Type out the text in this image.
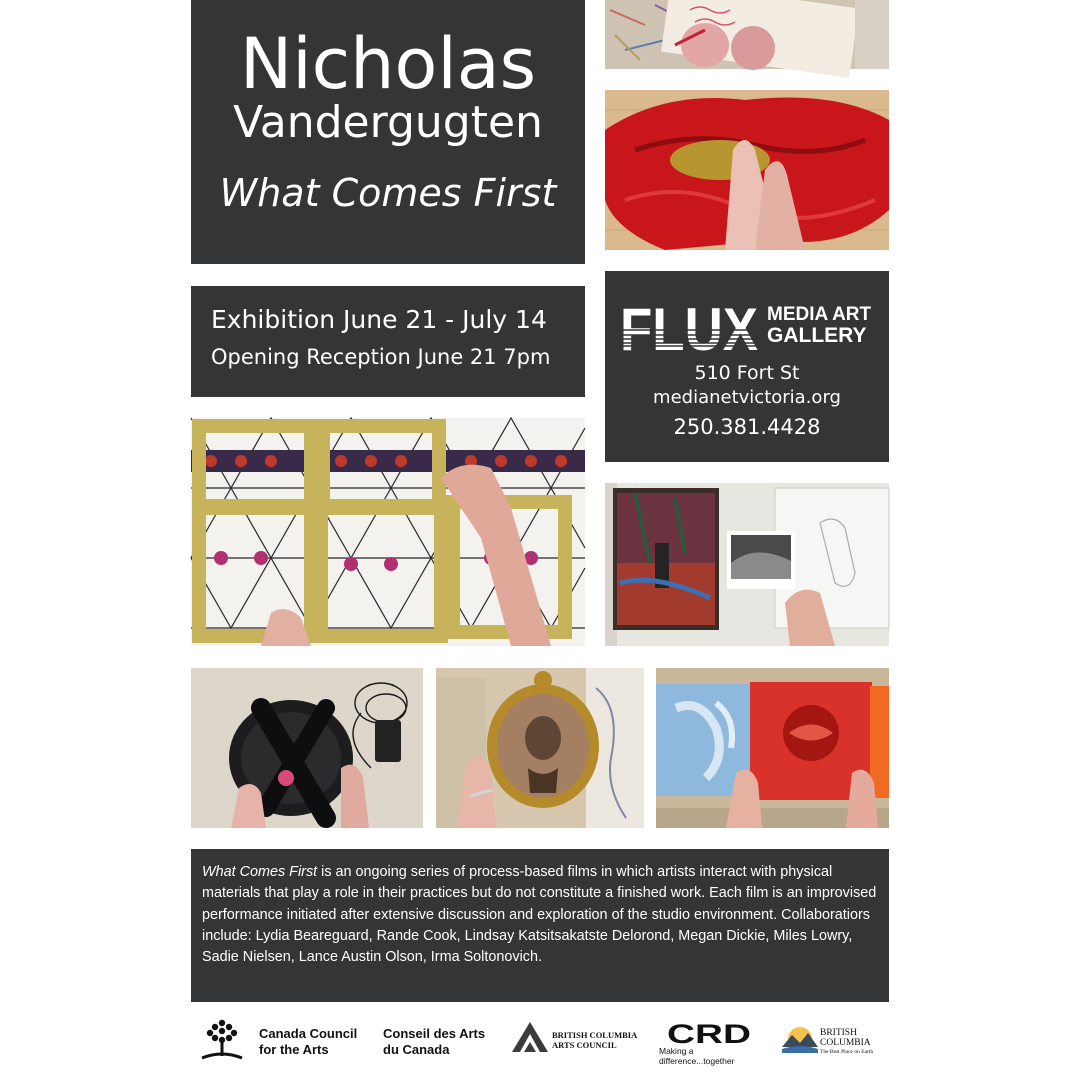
Nicholas
Vandergugten
What Comes First
Exhibition June 21 - July 14
Opening Reception June 21 7pm FLUX MEDIA ART
GALLERY
510 Fort St
medianetvictoria.org
250.381.4428
What Comes First is an ongoing series of process-based films in which artists interact with physical materials that play a role in their practices but do not constitute a finished work. Each film is an improvised performance initiated after extensive discussion and exploration of the studio environment. Collaboratiors include: Lydia Beareguard, Rande Cook, Lindsay Katsitsakatste Delorond, Megan Dickie, Miles Lowry, Sadie Nielsen, Lance Austin Olson, Irma Soltonovich.
Canada Council
for the Arts
Conseil des Arts
du Canada
BRITISH COLUMBIA
ARTS COUNCIL	CRD
Making a difference...together
BRITISH
COLUMBIA
The Best Place on Earth
